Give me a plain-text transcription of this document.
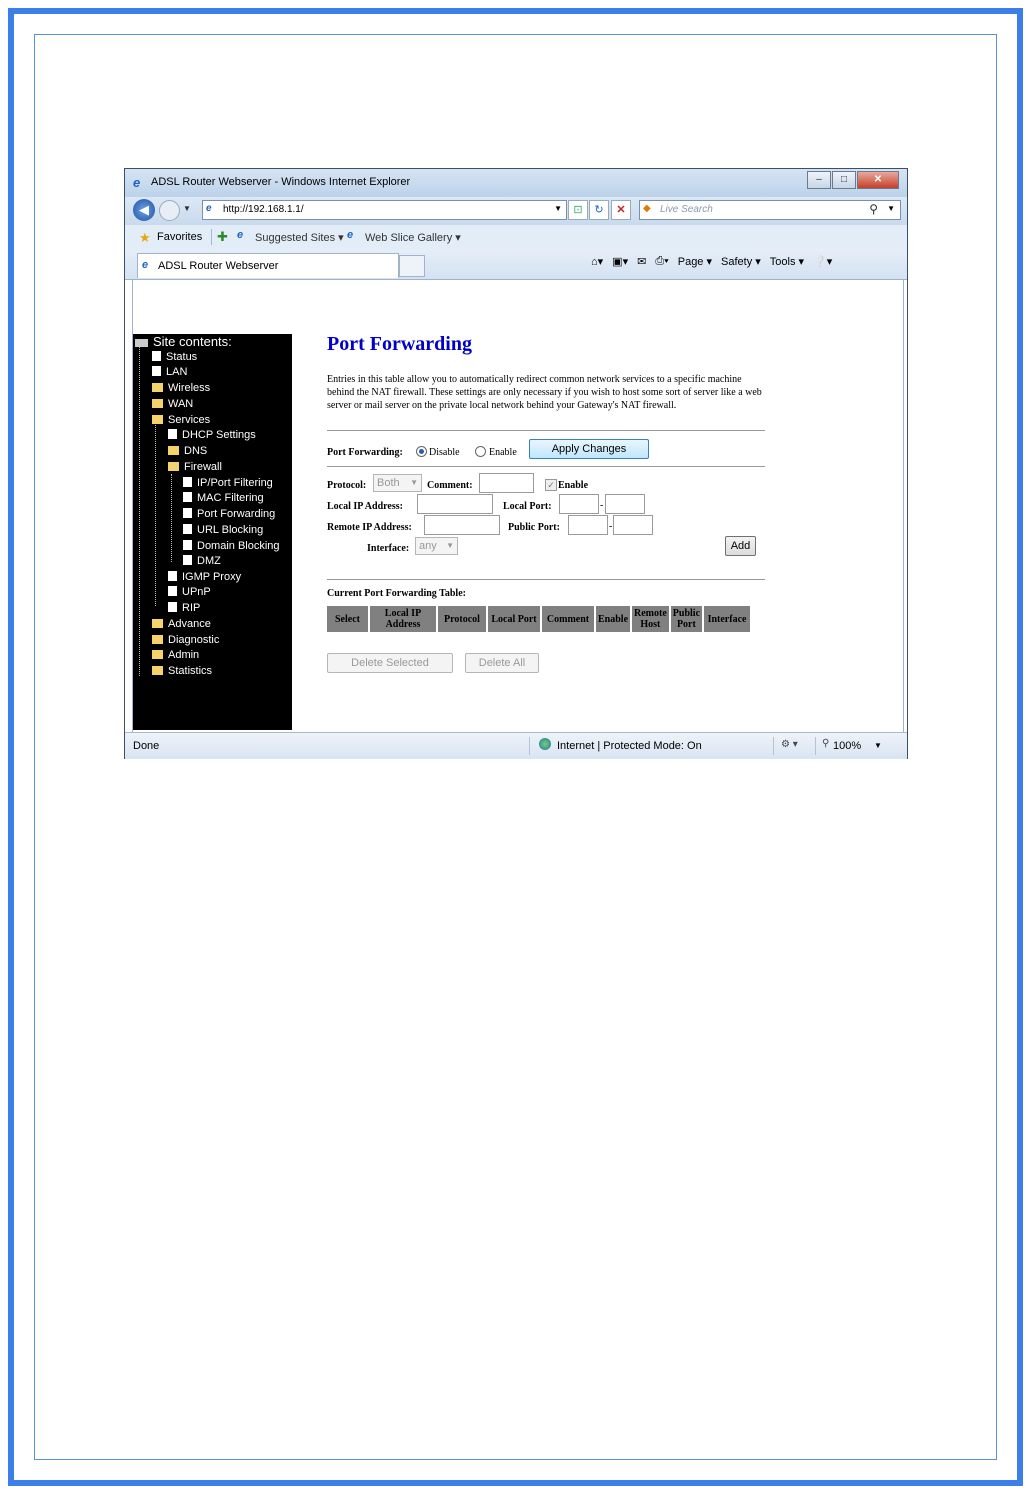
e ADSL Router Webserver - Windows Internet Explorer	–	□	✕
◀	▼ e http://192.168.1.1/	▼	⊡	↻	✕	◆ Live Search	⚲ ▼
★ Favorites ✚ e Suggested Sites ▾ e Web Slice Gallery ▾
e ADSL Router Webserver	⌂▾ ▣▾ ✉ ⎙▾ Page ▾ Safety ▾ Tools ▾ ❔▾
Site contents:
Status
LAN
Wireless
WAN
Services
DHCP Settings
DNS
Firewall
IP/Port Filtering
MAC Filtering
Port Forwarding
URL Blocking
Domain Blocking
DMZ
IGMP Proxy
UPnP
RIP
Advance
Diagnostic
Admin
Statistics
Port Forwarding
Entries in this table allow you to automatically redirect common network services to a specific machine behind the NAT firewall. These settings are only necessary if you wish to host some sort of server like a web server or mail server on the private local network behind your Gateway's NAT firewall.
Port Forwarding:	Disable	Enable	Apply Changes
Protocol: Both ▼ Comment:	✓ Enable
Local IP Address:	Local Port:	-
Remote IP Address:	Public Port:	-
Interface: any ▼	Add
Current Port Forwarding Table:
Select	Local IP Address	Protocol	Local Port	Comment	Enable	Remote Host	Public Port	Interface
Delete Selected	Delete All
Done	Internet | Protected Mode: On	⚙ ▾ ⚲ 100% ▼
